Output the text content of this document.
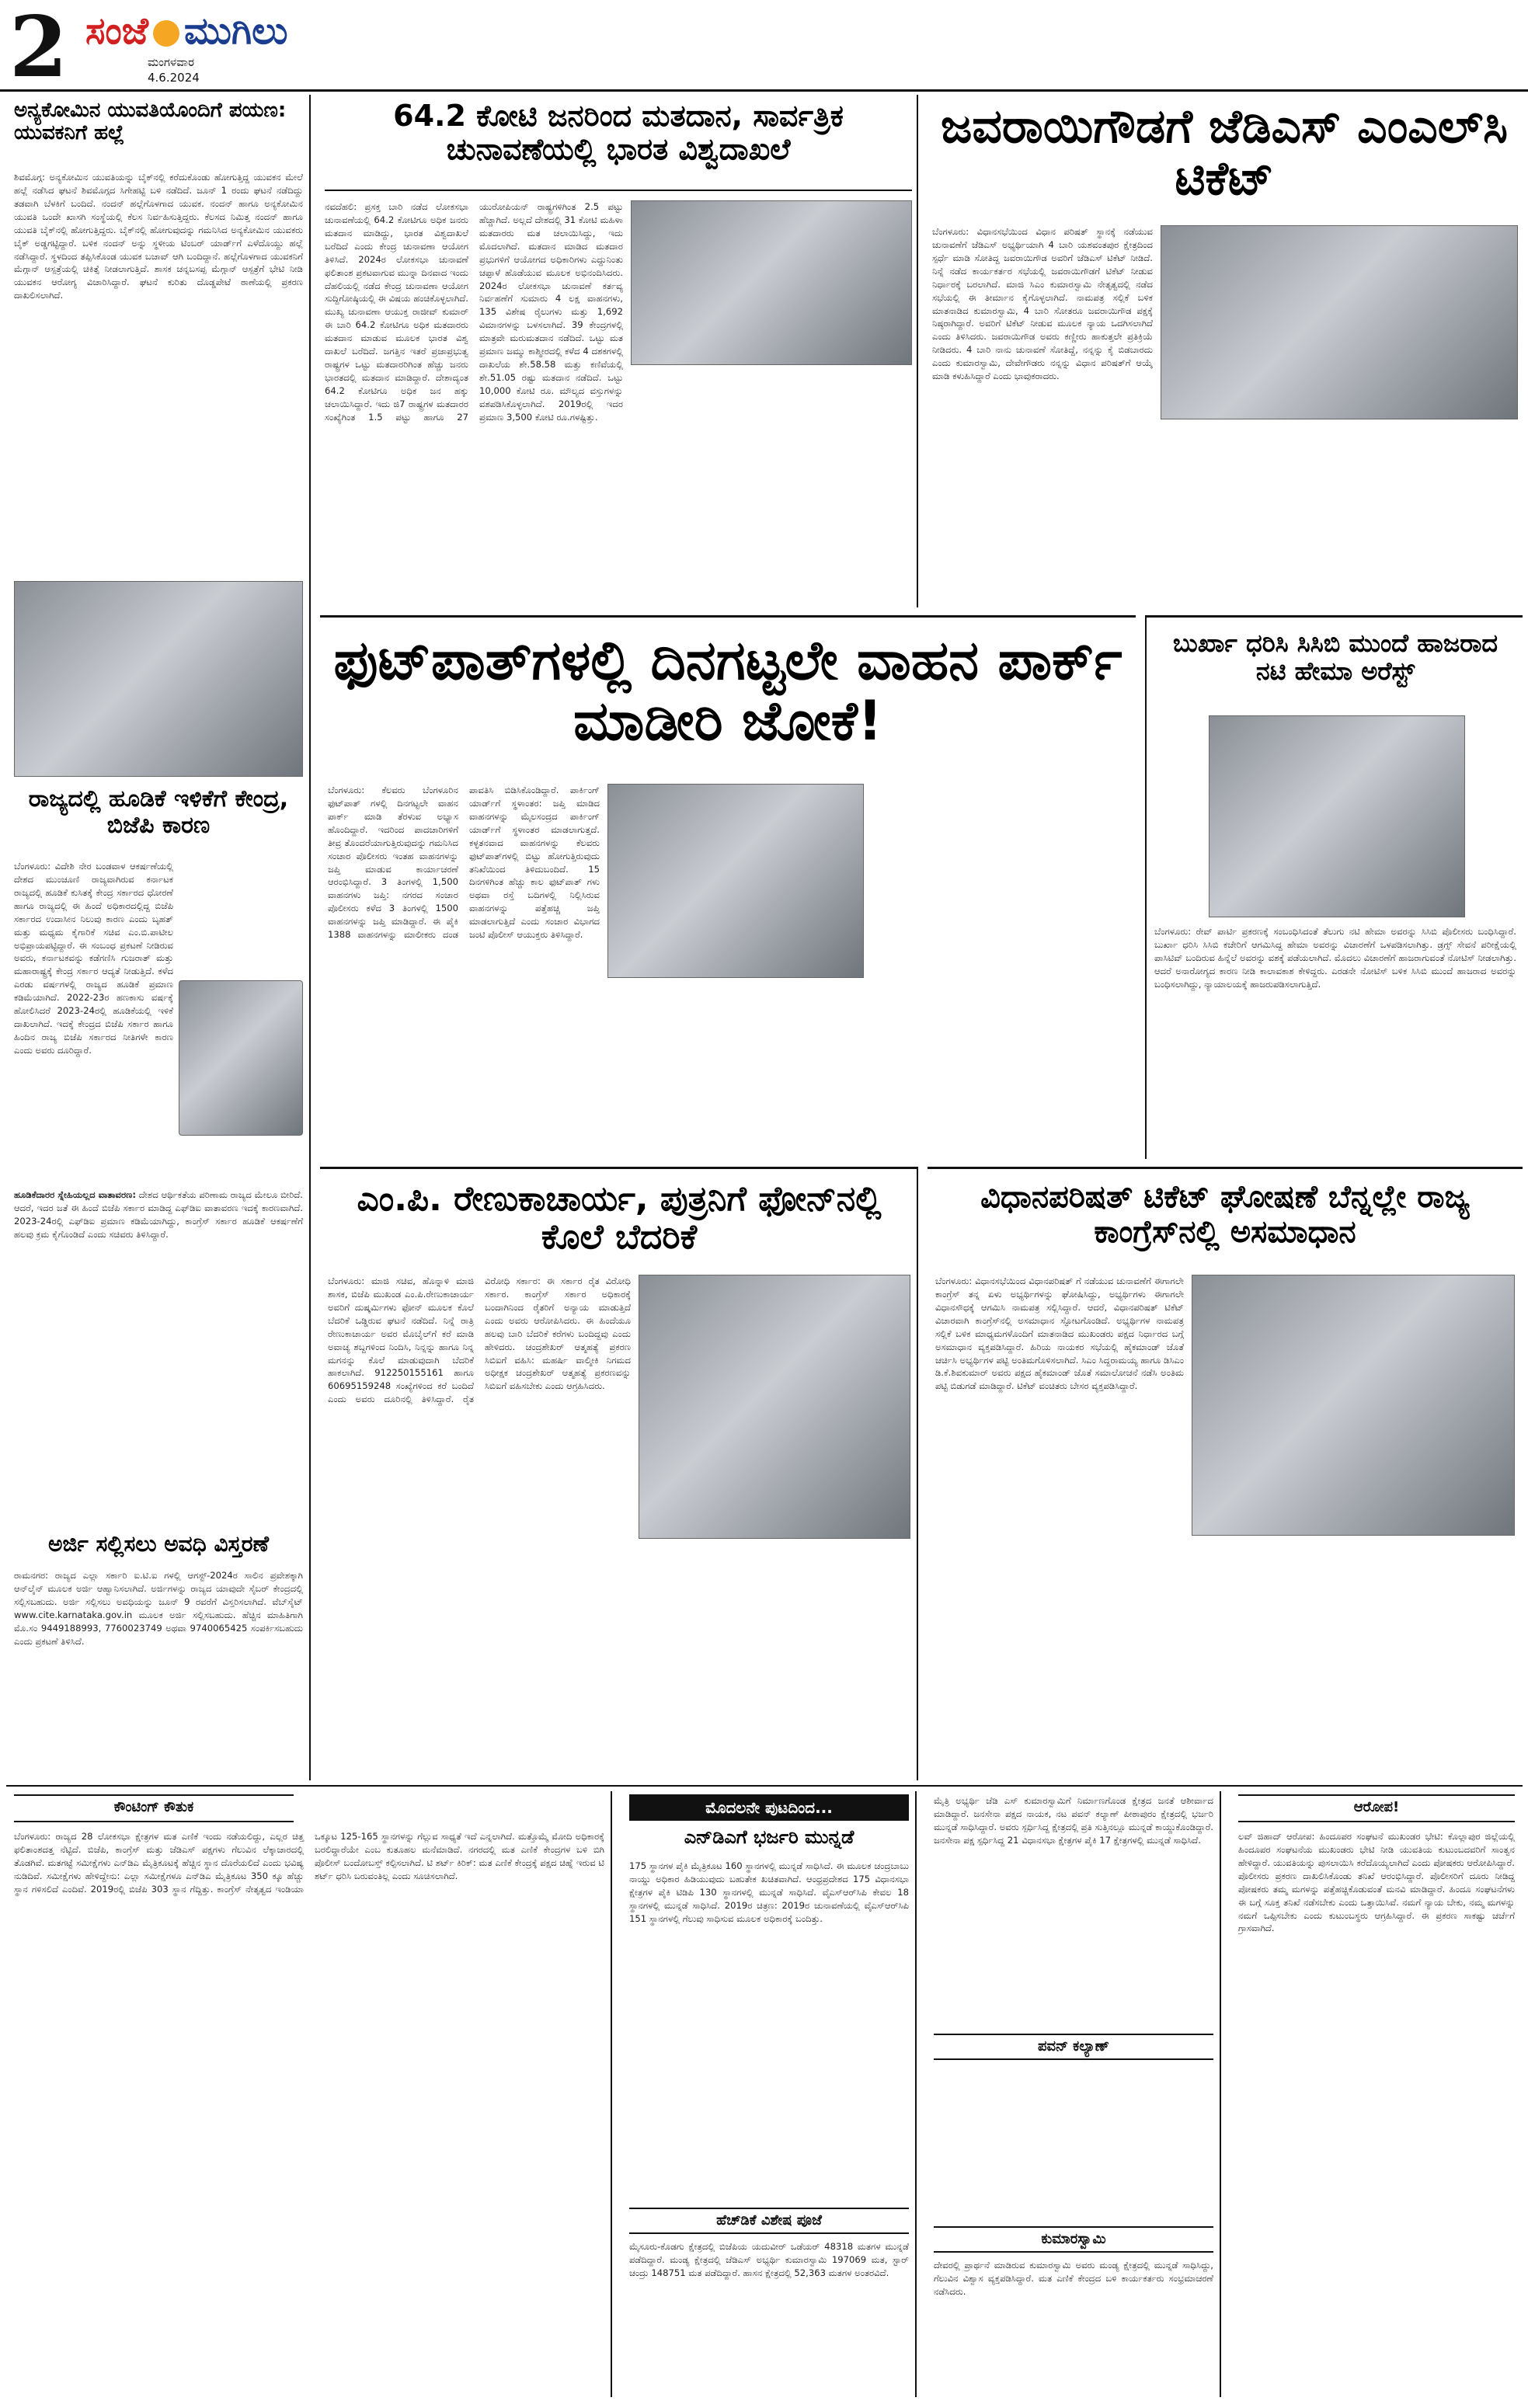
2 ಸಂಜೆ ಮುಗಿಲು
ಮಂಗಳವಾರ
4.6.2024
ಅನ್ಯಕೋಮಿನ ಯುವತಿಯೊಂದಿಗೆ ಪಯಣ: ಯುವಕನಿಗೆ ಹಲ್ಲೆ
ಶಿವಮೊಗ್ಗ: ಅನ್ಯಕೋಮಿನ ಯುವತಿಯನ್ನು ಬೈಕ್‌ನಲ್ಲಿ ಕರೆದುಕೊಂಡು ಹೋಗುತ್ತಿದ್ದ ಯುವಕನ ಮೇಲೆ ಹಲ್ಲೆ ನಡೆಸಿದ ಘಟನೆ ಶಿವಮೊಗ್ಗದ ಸಿಗೇಹಟ್ಟಿ ಬಳಿ ನಡೆದಿದೆ. ಜೂನ್ 1 ರಂದು ಘಟನೆ ನಡೆದಿದ್ದು ತಡವಾಗಿ ಬೆಳಕಿಗೆ ಬಂದಿದೆ. ನಂದನ್ ಹಲ್ಲೆಗೊಳಗಾದ ಯುವಕ. ನಂದನ್ ಹಾಗೂ ಅನ್ಯಕೋಮಿನ ಯುವತಿ ಒಂದೇ ಖಾಸಗಿ ಸಂಸ್ಥೆಯಲ್ಲಿ ಕೆಲಸ ನಿರ್ವಹಿಸುತ್ತಿದ್ದರು. ಕೆಲಸದ ನಿಮಿತ್ತ ನಂದನ್ ಹಾಗೂ ಯುವತಿ ಬೈಕ್‌ನಲ್ಲಿ ಹೋಗುತ್ತಿದ್ದರು. ಬೈಕ್‌ನಲ್ಲಿ ಹೋಗುವುದನ್ನು ಗಮನಿಸಿದ ಅನ್ಯಕೋಮಿನ ಯುವಕರು ಬೈಕ್ ಅಡ್ಡಗಟ್ಟಿದ್ದಾರೆ. ಬಳಿಕ ನಂದನ್ ಅನ್ನು ಸ್ಥಳೀಯ ಟಿಂಬರ್ ಯಾರ್ಡ್‌ಗೆ ಎಳೆದೊಯ್ದು ಹಲ್ಲೆ ನಡೆಸಿದ್ದಾರೆ. ಸ್ಥಳದಿಂದ ತಪ್ಪಿಸಿಕೊಂಡ ಯುವಕ ಬಚಾವ್ ಆಗಿ ಬಂದಿದ್ದಾನೆ. ಹಲ್ಲೆಗೊಳಗಾದ ಯುವಕನಿಗೆ ಮೆಗ್ಗಾನ್ ಆಸ್ಪತ್ರೆಯಲ್ಲಿ ಚಿಕಿತ್ಸೆ ನೀಡಲಾಗುತ್ತಿದೆ. ಶಾಸಕ ಚನ್ನಬಸಪ್ಪ ಮೆಗ್ಗಾನ್ ಆಸ್ಪತ್ರೆಗೆ ಭೇಟಿ ನೀಡಿ ಯುವಕನ ಆರೋಗ್ಯ ವಿಚಾರಿಸಿದ್ದಾರೆ. ಘಟನೆ ಕುರಿತು ದೊಡ್ಡಪೇಟೆ ಠಾಣೆಯಲ್ಲಿ ಪ್ರಕರಣ ದಾಖಲಿಸಲಾಗಿದೆ.
ರಾಜ್ಯದಲ್ಲಿ ಹೂಡಿಕೆ ಇಳಿಕೆಗೆ ಕೇಂದ್ರ, ಬಿಜೆಪಿ ಕಾರಣ
ಬೆಂಗಳೂರು: ವಿದೇಶಿ ನೇರ ಬಂಡವಾಳ ಆಕರ್ಷಣೆಯಲ್ಲಿ ದೇಶದ ಮುಂಚೂಣಿ ರಾಜ್ಯವಾಗಿರುವ ಕರ್ನಾಟಕ ರಾಜ್ಯದಲ್ಲಿ ಹೂಡಿಕೆ ಕುಸಿತಕ್ಕೆ ಕೇಂದ್ರ ಸರ್ಕಾರದ ಧೋರಣೆ ಹಾಗೂ ರಾಜ್ಯದಲ್ಲಿ ಈ ಹಿಂದೆ ಅಧಿಕಾರದಲ್ಲಿದ್ದ ಬಿಜೆಪಿ ಸರ್ಕಾರದ ಉದಾಸೀನ ನಿಲುವು ಕಾರಣ ಎಂದು ಬೃಹತ್ ಮತ್ತು ಮಧ್ಯಮ ಕೈಗಾರಿಕೆ ಸಚಿವ ಎಂ.ಬಿ.ಪಾಟೀಲ ಅಭಿಪ್ರಾಯಪಟ್ಟಿದ್ದಾರೆ. ಈ ಸಂಬಂಧ ಪ್ರಕಟಣೆ ನೀಡಿರುವ ಅವರು, ಕರ್ನಾಟಕವನ್ನು ಕಡೆಗಣಿಸಿ ಗುಜರಾತ್ ಮತ್ತು ಮಹಾರಾಷ್ಟ್ರಕ್ಕೆ ಕೇಂದ್ರ ಸರ್ಕಾರ ಆದ್ಯತೆ ನೀಡುತ್ತಿದೆ. ಕಳೆದ ಎರಡು ವರ್ಷಗಳಲ್ಲಿ ರಾಜ್ಯದ ಹೂಡಿಕೆ ಪ್ರಮಾಣ ಕಡಿಮೆಯಾಗಿದೆ. 2022-23ರ ಹಣಕಾಸು ವರ್ಷಕ್ಕೆ ಹೋಲಿಸಿದರೆ 2023-24ರಲ್ಲಿ ಹೂಡಿಕೆಯಲ್ಲಿ ಇಳಿಕೆ ದಾಖಲಾಗಿದೆ. ಇದಕ್ಕೆ ಕೇಂದ್ರದ ಬಿಜೆಪಿ ಸರ್ಕಾರ ಹಾಗೂ ಹಿಂದಿನ ರಾಜ್ಯ ಬಿಜೆಪಿ ಸರ್ಕಾರದ ನೀತಿಗಳೇ ಕಾರಣ ಎಂದು ಅವರು ದೂರಿದ್ದಾರೆ.
ಹೂಡಿಕೆದಾರರ ಸ್ನೇಹಿಯಲ್ಲದ ವಾತಾವರಣ: ದೇಶದ ಆರ್ಥಿಕತೆಯ ಪರಿಣಾಮ ರಾಜ್ಯದ ಮೇಲೂ ಬೀರಿದೆ. ಆದರೆ, ಇದರ ಜತೆ ಈ ಹಿಂದೆ ಬಿಜೆಪಿ ಸರ್ಕಾರ ಮಾಡಿದ್ದ ಎಫ್‌ಡಿಐ ವಾತಾವರಣ ಇದಕ್ಕೆ ಕಾರಣವಾಗಿದೆ. 2023-24ರಲ್ಲಿ ಎಫ್‌ಡಿಐ ಪ್ರಮಾಣ ಕಡಿಮೆಯಾಗಿದ್ದು, ಕಾಂಗ್ರೆಸ್ ಸರ್ಕಾರ ಹೂಡಿಕೆ ಆಕರ್ಷಣೆಗೆ ಹಲವು ಕ್ರಮ ಕೈಗೊಂಡಿದೆ ಎಂದು ಸಚಿವರು ತಿಳಿಸಿದ್ದಾರೆ.
ಅರ್ಜಿ ಸಲ್ಲಿಸಲು ಅವಧಿ ವಿಸ್ತರಣೆ
ರಾಮನಗರ: ರಾಜ್ಯದ ಎಲ್ಲಾ ಸರ್ಕಾರಿ ಐ.ಟಿ.ಐ ಗಳಲ್ಲಿ ಆಗಸ್ಟ್-2024ರ ಸಾಲಿನ ಪ್ರವೇಶಕ್ಕಾಗಿ ಆನ್‌ಲೈನ್ ಮೂಲಕ ಅರ್ಜಿ ಆಹ್ವಾನಿಸಲಾಗಿದೆ. ಅರ್ಜಿಗಳನ್ನು ರಾಜ್ಯದ ಯಾವುದೇ ಸೈಬರ್ ಕೇಂದ್ರದಲ್ಲಿ ಸಲ್ಲಿಸಬಹುದು. ಅರ್ಜಿ ಸಲ್ಲಿಸಲು ಅವಧಿಯನ್ನು ಜೂನ್ 9 ರವರೆಗೆ ವಿಸ್ತರಿಸಲಾಗಿದೆ. ವೆಬ್‌ಸೈಟ್ www.cite.karnataka.gov.in ಮೂಲಕ ಅರ್ಜಿ ಸಲ್ಲಿಸಬಹುದು. ಹೆಚ್ಚಿನ ಮಾಹಿತಿಗಾಗಿ ಮೊ.ಸಂ 9449188993, 7760023749 ಅಥವಾ 9740065425 ಸಂಪರ್ಕಿಸಬಹುದು ಎಂದು ಪ್ರಕಟಣೆ ತಿಳಿಸಿದೆ.
64.2 ಕೋಟಿ ಜನರಿಂದ ಮತದಾನ, ಸಾರ್ವತ್ರಿಕ ಚುನಾವಣೆಯಲ್ಲಿ ಭಾರತ ವಿಶ್ವದಾಖಲೆ
ನವದೆಹಲಿ: ಪ್ರಸಕ್ತ ಬಾರಿ ನಡೆದ ಲೋಕಸಭಾ ಚುನಾವಣೆಯಲ್ಲಿ 64.2 ಕೋಟಿಗೂ ಅಧಿಕ ಜನರು ಮತದಾನ ಮಾಡಿದ್ದು, ಭಾರತ ವಿಶ್ವದಾಖಲೆ ಬರೆದಿದೆ ಎಂದು ಕೇಂದ್ರ ಚುನಾವಣಾ ಆಯೋಗ ತಿಳಿಸಿದೆ. 2024ರ ಲೋಕಸಭಾ ಚುನಾವಣೆ ಫಲಿತಾಂಶ ಪ್ರಕಟವಾಗುವ ಮುನ್ನಾ ದಿನವಾದ ಇಂದು ದೆಹಲಿಯಲ್ಲಿ ನಡೆದ ಕೇಂದ್ರ ಚುನಾವಣಾ ಆಯೋಗ ಸುದ್ದಿಗೋಷ್ಠಿಯಲ್ಲಿ ಈ ವಿಷಯ ಹಂಚಿಕೊಳ್ಳಲಾಗಿದೆ. ಮುಖ್ಯ ಚುನಾವಣಾ ಆಯುಕ್ತ ರಾಜೀವ್ ಕುಮಾರ್ ಈ ಬಾರಿ 64.2 ಕೋಟಿಗೂ ಅಧಿಕ ಮತದಾರರು ಮತದಾನ ಮಾಡುವ ಮೂಲಕ ಭಾರತ ವಿಶ್ವ ದಾಖಲೆ ಬರೆದಿದೆ. ಜಗತ್ತಿನ ಇತರೆ ಪ್ರಜಾಪ್ರಭುತ್ವ ರಾಷ್ಟ್ರಗಳ ಒಟ್ಟು ಮತದಾರರಿಗಿಂತ ಹೆಚ್ಚು ಜನರು ಭಾರತದಲ್ಲಿ ಮತದಾನ ಮಾಡಿದ್ದಾರೆ. ದೇಶಾದ್ಯಂತ 64.2 ಕೋಟಿಗೂ ಅಧಿಕ ಜನ ಹಕ್ಕು ಚಲಾಯಿಸಿದ್ದಾರೆ. ಇದು ಜಿ7 ರಾಷ್ಟ್ರಗಳ ಮತದಾರರ ಸಂಖ್ಯೆಗಿಂತ 1.5 ಪಟ್ಟು ಹಾಗೂ 27 ಯುರೋಪಿಯನ್ ರಾಷ್ಟ್ರಗಳಿಗಿಂತ 2.5 ಪಟ್ಟು ಹೆಚ್ಚಾಗಿದೆ. ಅಲ್ಲದೆ ದೇಶದಲ್ಲಿ 31 ಕೋಟಿ ಮಹಿಳಾ ಮತದಾರರು ಮತ ಚಲಾಯಿಸಿದ್ದು, ಇದು ಮೊದಲಾಗಿದೆ. ಮತದಾನ ಮಾಡಿದ ಮತದಾರ ಪ್ರಭುಗಳಿಗೆ ಆಯೋಗದ ಅಧಿಕಾರಿಗಳು ಎದ್ದುನಿಂತು ಚಪ್ಪಾಳೆ ಹೊಡೆಯುವ ಮೂಲಕ ಅಭಿನಂದಿಸಿದರು. 2024ರ ಲೋಕಸಭಾ ಚುನಾವಣೆ ಕರ್ತವ್ಯ ನಿರ್ವಹಣೆಗೆ ಸುಮಾರು 4 ಲಕ್ಷ ವಾಹನಗಳು, 135 ವಿಶೇಷ ರೈಲುಗಳು ಮತ್ತು 1,692 ವಿಮಾನಗಳನ್ನು ಬಳಸಲಾಗಿದೆ. 39 ಕೇಂದ್ರಗಳಲ್ಲಿ ಮಾತ್ರವೇ ಮರುಮತದಾನ ನಡೆದಿದೆ. ಒಟ್ಟು ಮತ ಪ್ರಮಾಣ ಜಮ್ಮು ಕಾಶ್ಮೀರದಲ್ಲಿ ಕಳೆದ 4 ದಶಕಗಳಲ್ಲಿ ದಾಖಲೆಯ ಶೇ.58.58 ಮತ್ತು ಕಣಿವೆಯಲ್ಲಿ ಶೇ.51.05 ರಷ್ಟು ಮತದಾನ ನಡೆದಿದೆ. ಒಟ್ಟು 10,000 ಕೋಟಿ ರೂ. ಮೌಲ್ಯದ ವಸ್ತುಗಳನ್ನು ವಶಪಡಿಸಿಕೊಳ್ಳಲಾಗಿದೆ. 2019ರಲ್ಲಿ ಇದರ ಪ್ರಮಾಣ 3,500 ಕೋಟಿ ರೂ.ಗಳಷ್ಟಿತ್ತು.
ಜವರಾಯಿಗೌಡಗೆ ಜೆಡಿಎಸ್ ಎಂಎಲ್‌ಸಿ ಟಿಕೆಟ್
ಬೆಂಗಳೂರು: ವಿಧಾನಸಭೆಯಿಂದ ವಿಧಾನ ಪರಿಷತ್ ಸ್ಥಾನಕ್ಕೆ ನಡೆಯುವ ಚುನಾವಣೆಗೆ ಜೆಡಿಎಸ್ ಅಭ್ಯರ್ಥಿಯಾಗಿ 4 ಬಾರಿ ಯಶವಂತಪುರ ಕ್ಷೇತ್ರದಿಂದ ಸ್ಪರ್ಧೆ ಮಾಡಿ ಸೋತಿದ್ದ ಜವರಾಯಿಗೌಡ ಅವರಿಗೆ ಜೆಡಿಎಸ್ ಟಿಕೆಟ್ ನೀಡಿದೆ. ನಿನ್ನೆ ನಡೆದ ಕಾರ್ಯಕರ್ತರ ಸಭೆಯಲ್ಲಿ ಜವರಾಯಿಗೌಡಗೆ ಟಿಕೆಟ್ ನೀಡುವ ನಿರ್ಧಾರಕ್ಕೆ ಬರಲಾಗಿದೆ. ಮಾಜಿ ಸಿಎಂ ಕುಮಾರಸ್ವಾಮಿ ನೇತೃತ್ವದಲ್ಲಿ ನಡೆದ ಸಭೆಯಲ್ಲಿ ಈ ತೀರ್ಮಾನ ಕೈಗೊಳ್ಳಲಾಗಿದೆ. ನಾಮಪತ್ರ ಸಲ್ಲಿಕೆ ಬಳಿಕ ಮಾತನಾಡಿದ ಕುಮಾರಸ್ವಾಮಿ, 4 ಬಾರಿ ಸೋತರೂ ಜವರಾಯಿಗೌಡ ಪಕ್ಷಕ್ಕೆ ನಿಷ್ಠರಾಗಿದ್ದಾರೆ. ಅವರಿಗೆ ಟಿಕೆಟ್ ನೀಡುವ ಮೂಲಕ ನ್ಯಾಯ ಒದಗಿಸಲಾಗಿದೆ ಎಂದು ತಿಳಿಸಿದರು. ಜವರಾಯಿಗೌಡ ಅವರು ಕಣ್ಣೀರು ಹಾಕುತ್ತಲೇ ಪ್ರತಿಕ್ರಿಯೆ ನೀಡಿದರು. 4 ಬಾರಿ ನಾನು ಚುನಾವಣೆ ಸೋತಿದ್ದೆ, ನನ್ನನ್ನು ಕೈ ಬಿಡಬಾರದು ಎಂದು ಕುಮಾರಸ್ವಾಮಿ, ದೇವೇಗೌಡರು ನನ್ನನ್ನು ವಿಧಾನ ಪರಿಷತ್‌ಗೆ ಆಯ್ಕೆ ಮಾಡಿ ಕಳುಹಿಸಿದ್ದಾರೆ ಎಂದು ಭಾವುಕರಾದರು.
ಫುಟ್‌ಪಾತ್‌ಗಳಲ್ಲಿ ದಿನಗಟ್ಟಲೇ ವಾಹನ ಪಾರ್ಕ್ ಮಾಡೀರಿ ಜೋಕೆ!
ಬೆಂಗಳೂರು: ಕೆಲವರು ಬೆಂಗಳೂರಿನ ಫುಟ್‌ಪಾತ್ ಗಳಲ್ಲಿ ದಿನಗಟ್ಟಲೇ ವಾಹನ ಪಾರ್ಕ್ ಮಾಡಿ ತೆರಳುವ ಅಭ್ಯಾಸ ಹೊಂದಿದ್ದಾರೆ. ಇದರಿಂದ ಪಾದಚಾರಿಗಳಿಗೆ ತೀವ್ರ ತೊಂದರೆಯಾಗುತ್ತಿರುವುದನ್ನು ಗಮನಿಸಿದ ಸಂಚಾರ ಪೊಲೀಸರು ಇಂತಹ ವಾಹನಗಳನ್ನು ಜಪ್ತಿ ಮಾಡುವ ಕಾರ್ಯಾಚರಣೆ ಆರಂಭಿಸಿದ್ದಾರೆ. 3 ತಿಂಗಳಲ್ಲಿ 1,500 ವಾಹನಗಳು ಜಪ್ತಿ: ನಗರದ ಸಂಚಾರ ಪೊಲೀಸರು ಕಳೆದ 3 ತಿಂಗಳಲ್ಲಿ 1500 ವಾಹನಗಳನ್ನು ಜಪ್ತಿ ಮಾಡಿದ್ದಾರೆ. ಈ ಪೈಕಿ 1388 ವಾಹನಗಳನ್ನು ಮಾಲೀಕರು ದಂಡ ಪಾವತಿಸಿ ಬಿಡಿಸಿಕೊಂಡಿದ್ದಾರೆ. ಪಾರ್ಕಿಂಗ್ ಯಾರ್ಡ್‌ಗೆ ಸ್ಥಳಾಂತರ: ಜಪ್ತಿ ಮಾಡಿದ ವಾಹನಗಳನ್ನು ಮೈಲಸಂದ್ರದ ಪಾರ್ಕಿಂಗ್ ಯಾರ್ಡ್‌ಗೆ ಸ್ಥಳಾಂತರ ಮಾಡಲಾಗುತ್ತದೆ. ಕಳ್ಳತನವಾದ ವಾಹನಗಳನ್ನು ಕೆಲವರು ಫುಟ್‌ಪಾತ್‌ಗಳಲ್ಲಿ ಬಿಟ್ಟು ಹೋಗುತ್ತಿರುವುದು ತನಿಖೆಯಿಂದ ತಿಳಿದುಬಂದಿದೆ. 15 ದಿನಗಳಿಗಿಂತ ಹೆಚ್ಚು ಕಾಲ ಫುಟ್‌ಪಾತ್ ಗಳು ಅಥವಾ ರಸ್ತೆ ಬದಿಗಳಲ್ಲಿ ನಿಲ್ಲಿಸಿರುವ ವಾಹನಗಳನ್ನು ಪತ್ತೆಹಚ್ಚಿ ಜಪ್ತಿ ಮಾಡಲಾಗುತ್ತಿದೆ ಎಂದು ಸಂಚಾರ ವಿಭಾಗದ ಜಂಟಿ ಪೊಲೀಸ್ ಆಯುಕ್ತರು ತಿಳಿಸಿದ್ದಾರೆ.
ಬುರ್ಖಾ ಧರಿಸಿ ಸಿಸಿಬಿ ಮುಂದೆ ಹಾಜರಾದ ನಟಿ ಹೇಮಾ ಅರೆಸ್ಟ್
ಬೆಂಗಳೂರು: ರೇವ್ ಪಾರ್ಟಿ ಪ್ರಕರಣಕ್ಕೆ ಸಂಬಂಧಿಸಿದಂತೆ ತೆಲುಗು ನಟಿ ಹೇಮಾ ಅವರನ್ನು ಸಿಸಿಬಿ ಪೊಲೀಸರು ಬಂಧಿಸಿದ್ದಾರೆ. ಬುರ್ಖಾ ಧರಿಸಿ ಸಿಸಿಬಿ ಕಚೇರಿಗೆ ಆಗಮಿಸಿದ್ದ ಹೇಮಾ ಅವರನ್ನು ವಿಚಾರಣೆಗೆ ಒಳಪಡಿಸಲಾಗಿತ್ತು. ಡ್ರಗ್ಸ್ ಸೇವನೆ ಪರೀಕ್ಷೆಯಲ್ಲಿ ಪಾಸಿಟಿವ್ ಬಂದಿರುವ ಹಿನ್ನೆಲೆ ಅವರನ್ನು ವಶಕ್ಕೆ ಪಡೆಯಲಾಗಿದೆ. ಮೊದಲು ವಿಚಾರಣೆಗೆ ಹಾಜರಾಗುವಂತೆ ನೋಟಿಸ್ ನೀಡಲಾಗಿತ್ತು. ಆದರೆ ಅನಾರೋಗ್ಯದ ಕಾರಣ ನೀಡಿ ಕಾಲಾವಕಾಶ ಕೇಳಿದ್ದರು. ಎರಡನೇ ನೋಟಿಸ್ ಬಳಿಕ ಸಿಸಿಬಿ ಮುಂದೆ ಹಾಜರಾದ ಅವರನ್ನು ಬಂಧಿಸಲಾಗಿದ್ದು, ನ್ಯಾಯಾಲಯಕ್ಕೆ ಹಾಜರುಪಡಿಸಲಾಗುತ್ತಿದೆ.
ಎಂ.ಪಿ. ರೇಣುಕಾಚಾರ್ಯ, ಪುತ್ರನಿಗೆ ಫೋನ್‌ನಲ್ಲಿ ಕೊಲೆ ಬೆದರಿಕೆ
ಬೆಂಗಳೂರು: ಮಾಜಿ ಸಚಿವ, ಹೊನ್ನಾಳಿ ಮಾಜಿ ಶಾಸಕ, ಬಿಜೆಪಿ ಮುಖಂಡ ಎಂ.ಪಿ.ರೇಣುಕಾಚಾರ್ಯ ಅವರಿಗೆ ದುಷ್ಕರ್ಮಿಗಳು ಫೋನ್ ಮೂಲಕ ಕೊಲೆ ಬೆದರಿಕೆ ಒಡ್ಡಿರುವ ಘಟನೆ ನಡೆದಿದೆ. ನಿನ್ನೆ ರಾತ್ರಿ ರೇಣುಕಾಚಾರ್ಯ ಅವರ ಮೊಬೈಲ್‌ಗೆ ಕರೆ ಮಾಡಿ ಅವಾಚ್ಯ ಶಬ್ದಗಳಿಂದ ನಿಂದಿಸಿ, ನಿನ್ನನ್ನು ಹಾಗೂ ನಿನ್ನ ಮಗನನ್ನು ಕೊಲೆ ಮಾಡುವುದಾಗಿ ಬೆದರಿಕೆ ಹಾಕಲಾಗಿದೆ. 912250155161 ಹಾಗೂ 60695159248 ಸಂಖ್ಯೆಗಳಿಂದ ಕರೆ ಬಂದಿದೆ ಎಂದು ಅವರು ದೂರಿನಲ್ಲಿ ತಿಳಿಸಿದ್ದಾರೆ. ರೈತ ವಿರೋಧಿ ಸರ್ಕಾರ: ಈ ಸರ್ಕಾರ ರೈತ ವಿರೋಧಿ ಸರ್ಕಾರ. ಕಾಂಗ್ರೆಸ್ ಸರ್ಕಾರ ಅಧಿಕಾರಕ್ಕೆ ಬಂದಾಗಿನಿಂದ ರೈತರಿಗೆ ಅನ್ಯಾಯ ಮಾಡುತ್ತಿದೆ ಎಂದು ಅವರು ಆರೋಪಿಸಿದರು. ಈ ಹಿಂದೆಯೂ ಹಲವು ಬಾರಿ ಬೆದರಿಕೆ ಕರೆಗಳು ಬಂದಿದ್ದವು ಎಂದು ಹೇಳಿದರು. ಚಂದ್ರಶೇಖರ್ ಆತ್ಮಹತ್ಯೆ ಪ್ರಕರಣ ಸಿಬಿಐಗೆ ವಹಿಸಿ: ಮಹರ್ಷಿ ವಾಲ್ಮೀಕಿ ನಿಗಮದ ಅಧೀಕ್ಷಕ ಚಂದ್ರಶೇಖರ್ ಆತ್ಮಹತ್ಯೆ ಪ್ರಕರಣವನ್ನು ಸಿಬಿಐಗೆ ವಹಿಸಬೇಕು ಎಂದು ಆಗ್ರಹಿಸಿದರು.
ವಿಧಾನಪರಿಷತ್ ಟಿಕೆಟ್ ಘೋಷಣೆ ಬೆನ್ನಲ್ಲೇ ರಾಜ್ಯ ಕಾಂಗ್ರೆಸ್‌ನಲ್ಲಿ ಅಸಮಾಧಾನ
ಬೆಂಗಳೂರು: ವಿಧಾನಸಭೆಯಿಂದ ವಿಧಾನಪರಿಷತ್ ಗೆ ನಡೆಯುವ ಚುನಾವಣೆಗೆ ಈಗಾಗಲೇ ಕಾಂಗ್ರೆಸ್ ತನ್ನ ಏಳು ಅಭ್ಯರ್ಥಿಗಳನ್ನು ಘೋಷಿಸಿದ್ದು, ಅಭ್ಯರ್ಥಿಗಳು ಈಗಾಗಲೇ ವಿಧಾನಸೌಧಕ್ಕೆ ಆಗಮಿಸಿ ನಾಮಪತ್ರ ಸಲ್ಲಿಸಿದ್ದಾರೆ. ಆದರೆ, ವಿಧಾನಪರಿಷತ್ ಟಿಕೆಟ್ ವಿಚಾರವಾಗಿ ಕಾಂಗ್ರೆಸ್‌ನಲ್ಲಿ ಅಸಮಾಧಾನ ಸ್ಫೋಟಗೊಂಡಿದೆ. ಅಭ್ಯರ್ಥಿಗಳ ನಾಮಪತ್ರ ಸಲ್ಲಿಕೆ ಬಳಿಕ ಮಾಧ್ಯಮಗಳೊಂದಿಗೆ ಮಾತನಾಡಿದ ಮುಖಂಡರು ಪಕ್ಷದ ನಿರ್ಧಾರದ ಬಗ್ಗೆ ಅಸಮಾಧಾನ ವ್ಯಕ್ತಪಡಿಸಿದ್ದಾರೆ. ಹಿರಿಯ ನಾಯಕರ ಸಭೆಯಲ್ಲಿ ಹೈಕಮಾಂಡ್ ಜೊತೆ ಚರ್ಚಿಸಿ ಅಭ್ಯರ್ಥಿಗಳ ಪಟ್ಟಿ ಅಂತಿಮಗೊಳಿಸಲಾಗಿದೆ. ಸಿಎಂ ಸಿದ್ದರಾಮಯ್ಯ ಹಾಗೂ ಡಿಸಿಎಂ ಡಿ.ಕೆ.ಶಿವಕುಮಾರ್ ಅವರು ಪಕ್ಷದ ಹೈಕಮಾಂಡ್ ಜೊತೆ ಸಮಾಲೋಚನೆ ನಡೆಸಿ ಅಂತಿಮ ಪಟ್ಟಿ ಬಿಡುಗಡೆ ಮಾಡಿದ್ದಾರೆ. ಟಿಕೆಟ್ ವಂಚಿತರು ಬೇಸರ ವ್ಯಕ್ತಪಡಿಸಿದ್ದಾರೆ.
ಕೌಂಟಿಂಗ್ ಕೌತುಕ
ಬೆಂಗಳೂರು: ರಾಜ್ಯದ 28 ಲೋಕಸಭಾ ಕ್ಷೇತ್ರಗಳ ಮತ ಎಣಿಕೆ ಇಂದು ನಡೆಯಲಿದ್ದು, ಎಲ್ಲರ ಚಿತ್ತ ಫಲಿತಾಂಶದತ್ತ ನೆಟ್ಟಿದೆ. ಬಿಜೆಪಿ, ಕಾಂಗ್ರೆಸ್ ಮತ್ತು ಜೆಡಿಎಸ್ ಪಕ್ಷಗಳು ಗೆಲುವಿನ ಲೆಕ್ಕಾಚಾರದಲ್ಲಿ ತೊಡಗಿವೆ. ಮತಗಟ್ಟೆ ಸಮೀಕ್ಷೆಗಳು ಎನ್‌ಡಿಎ ಮೈತ್ರಿಕೂಟಕ್ಕೆ ಹೆಚ್ಚಿನ ಸ್ಥಾನ ದೊರೆಯಲಿದೆ ಎಂದು ಭವಿಷ್ಯ ನುಡಿದಿವೆ. ಸಮೀಕ್ಷೆಗಳು ಹೇಳಿದ್ದೇನು: ಎಲ್ಲಾ ಸಮೀಕ್ಷೆಗಳೂ ಎನ್‌ಡಿಎ ಮೈತ್ರಿಕೂಟ 350 ಕ್ಕೂ ಹೆಚ್ಚು ಸ್ಥಾನ ಗಳಿಸಲಿದೆ ಎಂದಿವೆ. 2019ರಲ್ಲಿ ಬಿಜೆಪಿ 303 ಸ್ಥಾನ ಗೆದ್ದಿತ್ತು. ಕಾಂಗ್ರೆಸ್ ನೇತೃತ್ವದ ಇಂಡಿಯಾ ಒಕ್ಕೂಟ 125-165 ಸ್ಥಾನಗಳನ್ನು ಗೆಲ್ಲುವ ಸಾಧ್ಯತೆ ಇದೆ ಎನ್ನಲಾಗಿದೆ. ಮತ್ತೊಮ್ಮೆ ಮೋದಿ ಅಧಿಕಾರಕ್ಕೆ ಬರಲಿದ್ದಾರೆಯೇ ಎಂಬ ಕುತೂಹಲ ಮನೆಮಾಡಿದೆ. ನಗರದಲ್ಲಿ ಮತ ಎಣಿಕೆ ಕೇಂದ್ರಗಳ ಬಳಿ ಬಿಗಿ ಪೊಲೀಸ್ ಬಂದೋಬಸ್ತ್ ಕಲ್ಪಿಸಲಾಗಿದೆ. ಟಿ ಶರ್ಟ್ ಕಿರಿಕ್: ಮತ ಎಣಿಕೆ ಕೇಂದ್ರಕ್ಕೆ ಪಕ್ಷದ ಚಿಹ್ನೆ ಇರುವ ಟಿ ಶರ್ಟ್ ಧರಿಸಿ ಬರುವಂತಿಲ್ಲ ಎಂದು ಸೂಚಿಸಲಾಗಿದೆ.
ಮೊದಲನೇ ಪುಟದಿಂದ...
ಎನ್‌ಡಿಎಗೆ ಭರ್ಜರಿ ಮುನ್ನಡೆ
175 ಸ್ಥಾನಗಳ ಪೈಕಿ ಮೈತ್ರಿಕೂಟ 160 ಸ್ಥಾನಗಳಲ್ಲಿ ಮುನ್ನಡೆ ಸಾಧಿಸಿದೆ. ಈ ಮೂಲಕ ಚಂದ್ರಬಾಬು ನಾಯ್ಡು ಅಧಿಕಾರ ಹಿಡಿಯುವುದು ಬಹುತೇಕ ಖಚಿತವಾಗಿದೆ. ಆಂಧ್ರಪ್ರದೇಶದ 175 ವಿಧಾನಸಭಾ ಕ್ಷೇತ್ರಗಳ ಪೈಕಿ ಟಿಡಿಪಿ 130 ಸ್ಥಾನಗಳಲ್ಲಿ ಮುನ್ನಡೆ ಸಾಧಿಸಿದೆ. ವೈಎಸ್‌ಆರ್‌ಸಿಪಿ ಕೇವಲ 18 ಸ್ಥಾನಗಳಲ್ಲಿ ಮುನ್ನಡೆ ಸಾಧಿಸಿದೆ. 2019ರ ಚಿತ್ರಣ: 2019ರ ಚುನಾವಣೆಯಲ್ಲಿ ವೈಎಸ್‌ಆರ್‌ಸಿಪಿ 151 ಸ್ಥಾನಗಳಲ್ಲಿ ಗೆಲುವು ಸಾಧಿಸುವ ಮೂಲಕ ಅಧಿಕಾರಕ್ಕೆ ಬಂದಿತ್ತು.
ಹೆಚ್‌ಡಿಕೆ ವಿಶೇಷ ಪೂಜೆ
ಮೈಸೂರು-ಕೊಡಗು ಕ್ಷೇತ್ರದಲ್ಲಿ ಬಿಜೆಪಿಯ ಯದುವೀರ್ ಒಡೆಯರ್ 48318 ಮತಗಳ ಮುನ್ನಡೆ ಪಡೆದಿದ್ದಾರೆ. ಮಂಡ್ಯ ಕ್ಷೇತ್ರದಲ್ಲಿ ಜೆಡಿಎಸ್ ಅಭ್ಯರ್ಥಿ ಕುಮಾರಸ್ವಾಮಿ 197069 ಮತ, ಸ್ಟಾರ್ ಚಂದ್ರು 148751 ಮತ ಪಡೆದಿದ್ದಾರೆ. ಹಾಸನ ಕ್ಷೇತ್ರದಲ್ಲಿ 52,363 ಮತಗಳ ಅಂತರವಿದೆ.
ಮೈತ್ರಿ ಅಭ್ಯರ್ಥಿ ಜೆಡಿ ಎಸ್ ಕುಮಾರಸ್ವಾಮಿಗೆ ನಿರ್ಮಾಣಗೊಂಡ ಕ್ಷೇತ್ರದ ಜನತೆ ಆಶೀರ್ವಾದ ಮಾಡಿದ್ದಾರೆ. ಜನಸೇನಾ ಪಕ್ಷದ ನಾಯಕ, ನಟ ಪವನ್ ಕಲ್ಯಾಣ್ ಪೀಠಾಪುರಂ ಕ್ಷೇತ್ರದಲ್ಲಿ ಭರ್ಜರಿ ಮುನ್ನಡೆ ಸಾಧಿಸಿದ್ದಾರೆ. ಅವರು ಸ್ಪರ್ಧಿಸಿದ್ದ ಕ್ಷೇತ್ರದಲ್ಲಿ ಪ್ರತಿ ಸುತ್ತಿನಲ್ಲೂ ಮುನ್ನಡೆ ಕಾಯ್ದುಕೊಂಡಿದ್ದಾರೆ. ಜನಸೇನಾ ಪಕ್ಷ ಸ್ಪರ್ಧಿಸಿದ್ದ 21 ವಿಧಾನಸಭಾ ಕ್ಷೇತ್ರಗಳ ಪೈಕಿ 17 ಕ್ಷೇತ್ರಗಳಲ್ಲಿ ಮುನ್ನಡೆ ಸಾಧಿಸಿದೆ.
ಪವನ್ ಕಲ್ಯಾಣ್
ಕುಮಾರಸ್ವಾಮಿ
ದೇವರಲ್ಲಿ ಪ್ರಾರ್ಥನೆ ಮಾಡಿರುವ ಕುಮಾರಸ್ವಾಮಿ ಅವರು ಮಂಡ್ಯ ಕ್ಷೇತ್ರದಲ್ಲಿ ಮುನ್ನಡೆ ಸಾಧಿಸಿದ್ದು, ಗೆಲುವಿನ ವಿಶ್ವಾಸ ವ್ಯಕ್ತಪಡಿಸಿದ್ದಾರೆ. ಮತ ಎಣಿಕೆ ಕೇಂದ್ರದ ಬಳಿ ಕಾರ್ಯಕರ್ತರು ಸಂಭ್ರಮಾಚರಣೆ ನಡೆಸಿದರು.
ಆರೋಪ!
ಲವ್ ಜಿಹಾದ್ ಆರೋಪ: ಹಿಂದೂಪರ ಸಂಘಟನೆ ಮುಖಂಡರ ಭೇಟಿ: ಕೊಲ್ಲಾಪುರ ಜಿಲ್ಲೆಯಲ್ಲಿ ಹಿಂದೂಪರ ಸಂಘಟನೆಯ ಮುಖಂಡರು ಭೇಟಿ ನೀಡಿ ಯುವತಿಯ ಕುಟುಂಬದವರಿಗೆ ಸಾಂತ್ವನ ಹೇಳಿದ್ದಾರೆ. ಯುವತಿಯನ್ನು ಪುಸಲಾಯಿಸಿ ಕರೆದೊಯ್ಯಲಾಗಿದೆ ಎಂದು ಪೋಷಕರು ಆರೋಪಿಸಿದ್ದಾರೆ. ಪೊಲೀಸರು ಪ್ರಕರಣ ದಾಖಲಿಸಿಕೊಂಡು ತನಿಖೆ ಆರಂಭಿಸಿದ್ದಾರೆ. ಪೊಲೀಸರಿಗೆ ದೂರು ನೀಡಿದ್ದ ಪೋಷಕರು ತಮ್ಮ ಮಗಳನ್ನು ಪತ್ತೆಹಚ್ಚಿಕೊಡುವಂತೆ ಮನವಿ ಮಾಡಿದ್ದಾರೆ. ಹಿಂದೂ ಸಂಘಟನೆಗಳು ಈ ಬಗ್ಗೆ ಸೂಕ್ತ ತನಿಖೆ ನಡೆಸಬೇಕು ಎಂದು ಒತ್ತಾಯಿಸಿವೆ. ನಮಗೆ ನ್ಯಾಯ ಬೇಕು, ನಮ್ಮ ಮಗಳನ್ನು ನಮಗೆ ಒಪ್ಪಿಸಬೇಕು ಎಂದು ಕುಟುಂಬಸ್ಥರು ಆಗ್ರಹಿಸಿದ್ದಾರೆ. ಈ ಪ್ರಕರಣ ಸಾಕಷ್ಟು ಚರ್ಚೆಗೆ ಗ್ರಾಸವಾಗಿದೆ.
